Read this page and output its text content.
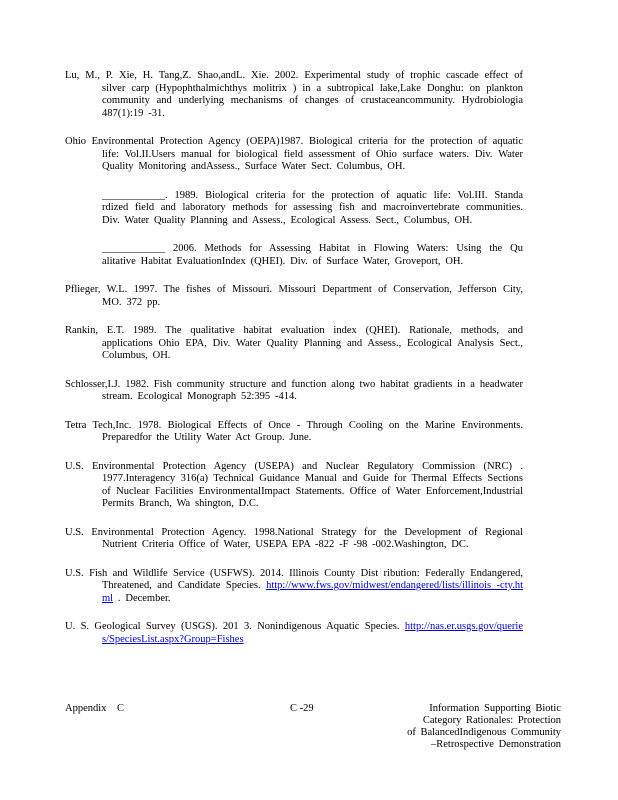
Lu, M., P. Xie, H. Tang,Z. Shao,andL. Xie. 2002. Experimental study of trophic cascade effect of silver carp (Hypophthalmichthys molitrix ) in a subtropical lake,Lake Donghu: on plankton community and underlying mechanisms of changes of crustaceancommunity. Hydrobiologia 487(1):19 -31.

Ohio Environmental Protection Agency (OEPA)1987. Biological criteria for the protection of aquatic life: Vol.II.Users manual for biological field assessment of Ohio surface waters. Div. Water Quality Monitoring andAssess., Surface Water Sect. Columbus, OH.

____________. 1989. Biological criteria for the protection of aquatic life: Vol.III. Standa rdized field and laboratory methods for assessing fish and macroinvertebrate communities. Div. Water Quality Planning and Assess., Ecological Assess. Sect., Columbus, OH.

____________ 2006. Methods for Assessing Habitat in Flowing Waters: Using the Qu alitative Habitat EvaluationIndex (QHEI). Div. of Surface Water, Groveport, OH.

Pflieger, W.L. 1997. The fishes of Missouri. Missouri Department of Conservation, Jefferson City, MO. 372 pp.

Rankin, E.T. 1989. The qualitative habitat evaluation index (QHEI). Rationale, methods, and applications Ohio EPA, Div. Water Quality Planning and Assess., Ecological Analysis Sect., Columbus, OH.

Schlosser,I.J. 1982. Fish community structure and function along two habitat gradients in a headwater stream. Ecological Monograph 52:395 -414.

Tetra Tech,Inc. 1978. Biological Effects of Once - Through Cooling on the Marine Environments. Preparedfor the Utility Water Act Group. June.

U.S. Environmental Protection Agency (USEPA) and Nuclear Regulatory Commission (NRC) . 1977.Interagency 316(a) Technical Guidance Manual and Guide for Thermal Effects Sections of Nuclear Facilities EnvironmentalImpact Statements. Office of Water Enforcement,Industrial Permits Branch, Wa shington, D.C.

U.S. Environmental Protection Agency. 1998.National Strategy for the Development of Regional Nutrient Criteria Office of Water, USEPA EPA -822 -F -98 -002.Washington, DC.

U.S. Fish and Wildlife Service (USFWS). 2014. Illinois County Dist ribution: Federally Endangered, Threatened, and Candidate Species. http://www.fws.gov/midwest/endangered/lists/illinois -cty.html . December.

U. S. Geological Survey (USGS). 201 3. Nonindigenous Aquatic Species. http://nas.er.usgs.gov/queries/SpeciesList.aspx?Group=Fishes

Appendix C	C -29	Information Supporting Biotic
Category Rationales: Protection
of BalancedIndigenous Community
–Retrospective Demonstration
